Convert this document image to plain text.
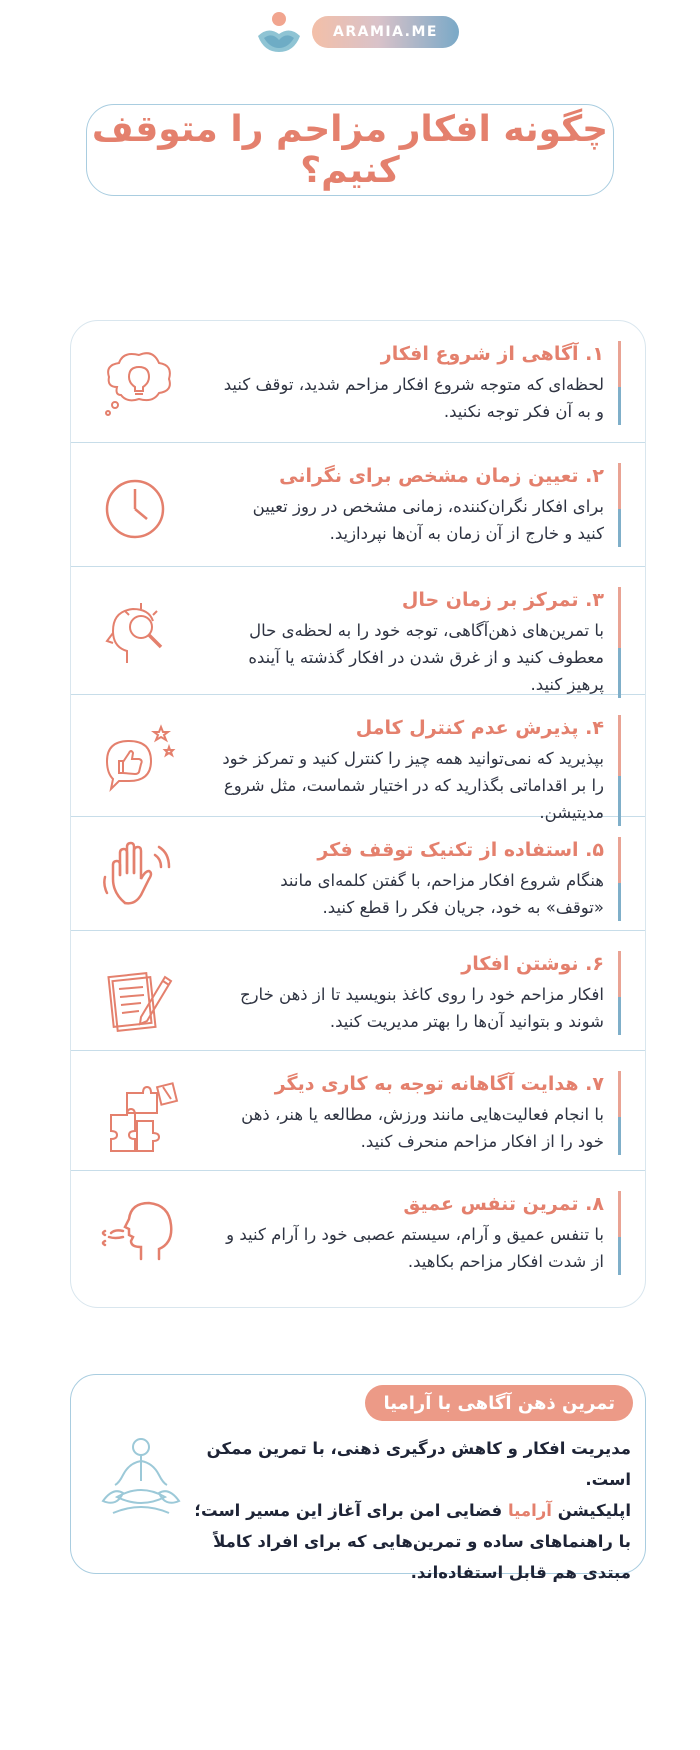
ARAMIA.ME
چگونه افکار مزاحم را متوقف کنیم؟
۱. آگاهی از شروع افکار
لحظه‌ای که متوجه شروع افکار مزاحم شدید، توقف کنید و به آن فکر توجه نکنید.
۲. تعیین زمان مشخص برای نگرانی
برای افکار نگران‌کننده، زمانی مشخص در روز تعیین کنید و خارج از آن زمان به آن‌ها نپردازید.
۳. تمرکز بر زمان حال
با تمرین‌های ذهن‌آگاهی، توجه خود را به لحظه‌ی حال معطوف کنید و از غرق شدن در افکار گذشته یا آینده پرهیز کنید.
۴. پذیرش عدم کنترل کامل
بپذیرید که نمی‌توانید همه چیز را کنترل کنید و تمرکز خود را بر اقداماتی بگذارید که در اختیار شماست، مثل شروع مدیتیشن.
۵. استفاده از تکنیک توقف فکر
هنگام شروع افکار مزاحم، با گفتن کلمه‌ای مانند «توقف» به خود، جریان فکر را قطع کنید.
۶. نوشتن افکار
افکار مزاحم خود را روی کاغذ بنویسید تا از ذهن خارج شوند و بتوانید آن‌ها را بهتر مدیریت کنید.
۷. هدایت آگاهانه توجه به کاری دیگر
با انجام فعالیت‌هایی مانند ورزش، مطالعه یا هنر، ذهن خود را از افکار مزاحم منحرف کنید.
۸. تمرین تنفس عمیق
با تنفس عمیق و آرام، سیستم عصبی خود را آرام کنید و از شدت افکار مزاحم بکاهید.
تمرین ذهن آگاهی با آرامیا
مدیریت افکار و کاهش درگیری ذهنی، با تمرین ممکن است.
اپلیکیشن آرامیا فضایی امن برای آغاز این مسیر است؛
با راهنماهای ساده و تمرین‌هایی که برای افراد کاملاً مبتدی هم قابل استفاده‌اند.
